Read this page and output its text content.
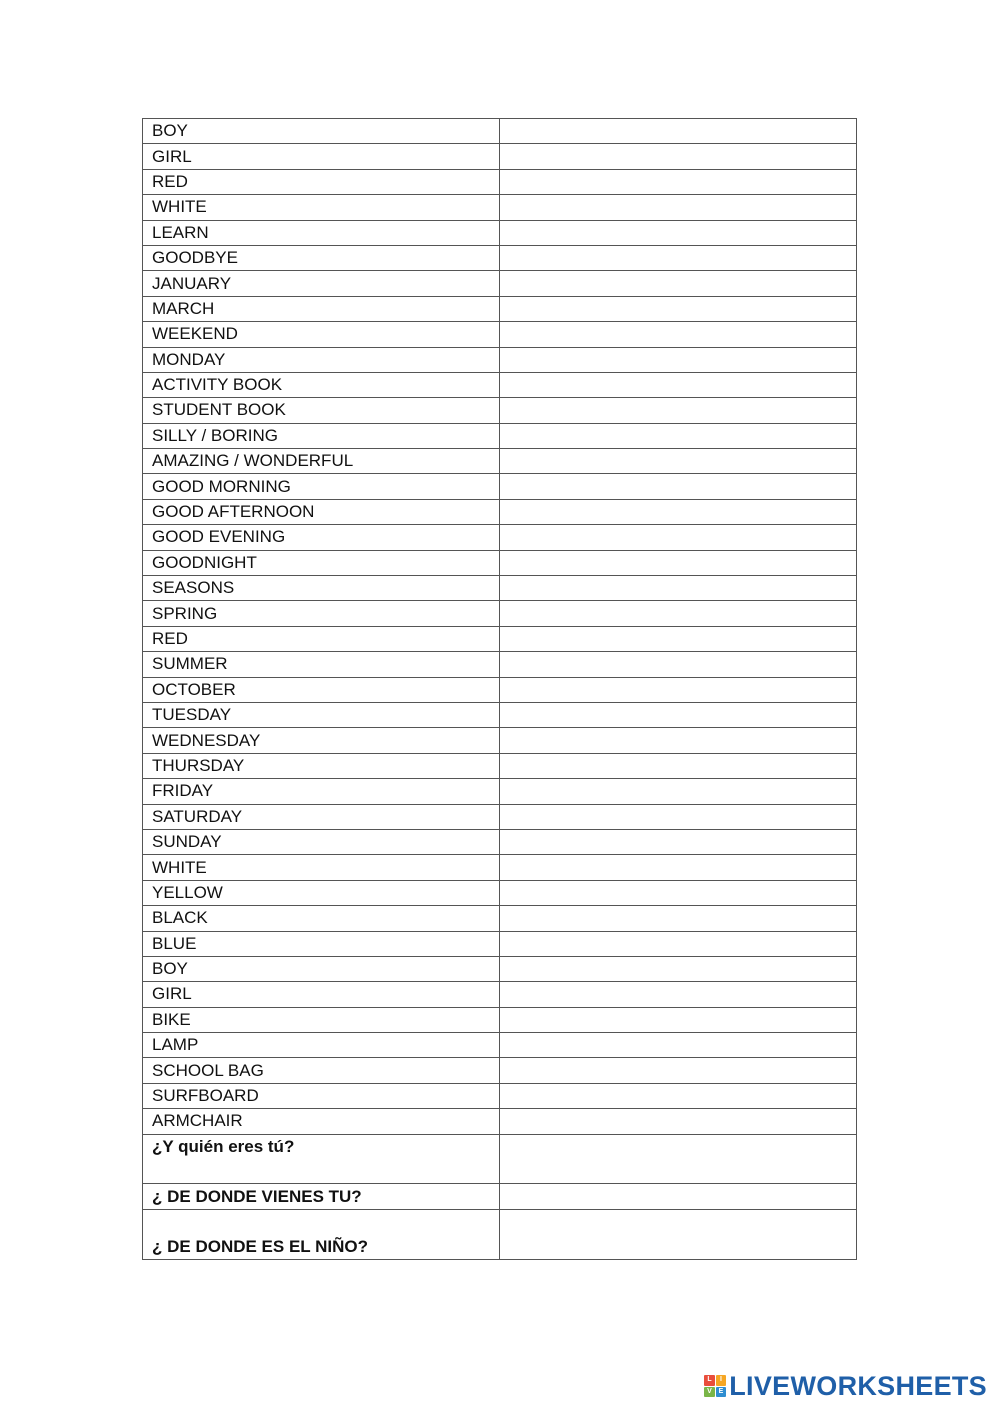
BOY	
GIRL	
RED	
WHITE	
LEARN	
GOODBYE	
JANUARY	
MARCH	
WEEKEND	
MONDAY	
ACTIVITY BOOK	
STUDENT BOOK	
SILLY / BORING	
AMAZING / WONDERFUL	
GOOD MORNING	
GOOD AFTERNOON	
GOOD EVENING	
GOODNIGHT	
SEASONS	
SPRING	
RED	
SUMMER	
OCTOBER	
TUESDAY	
WEDNESDAY	
THURSDAY	
FRIDAY	
SATURDAY	
SUNDAY	
WHITE	
YELLOW	
BLACK	
BLUE	
BOY	
GIRL	
BIKE	
LAMP	
SCHOOL BAG	
SURFBOARD	
ARMCHAIR	
¿Y quién eres tú?	
¿ DE DONDE VIENES TU?	
¿ DE DONDE ES EL NIÑO?	
L	I
V E LIVEWORKSHEETS
